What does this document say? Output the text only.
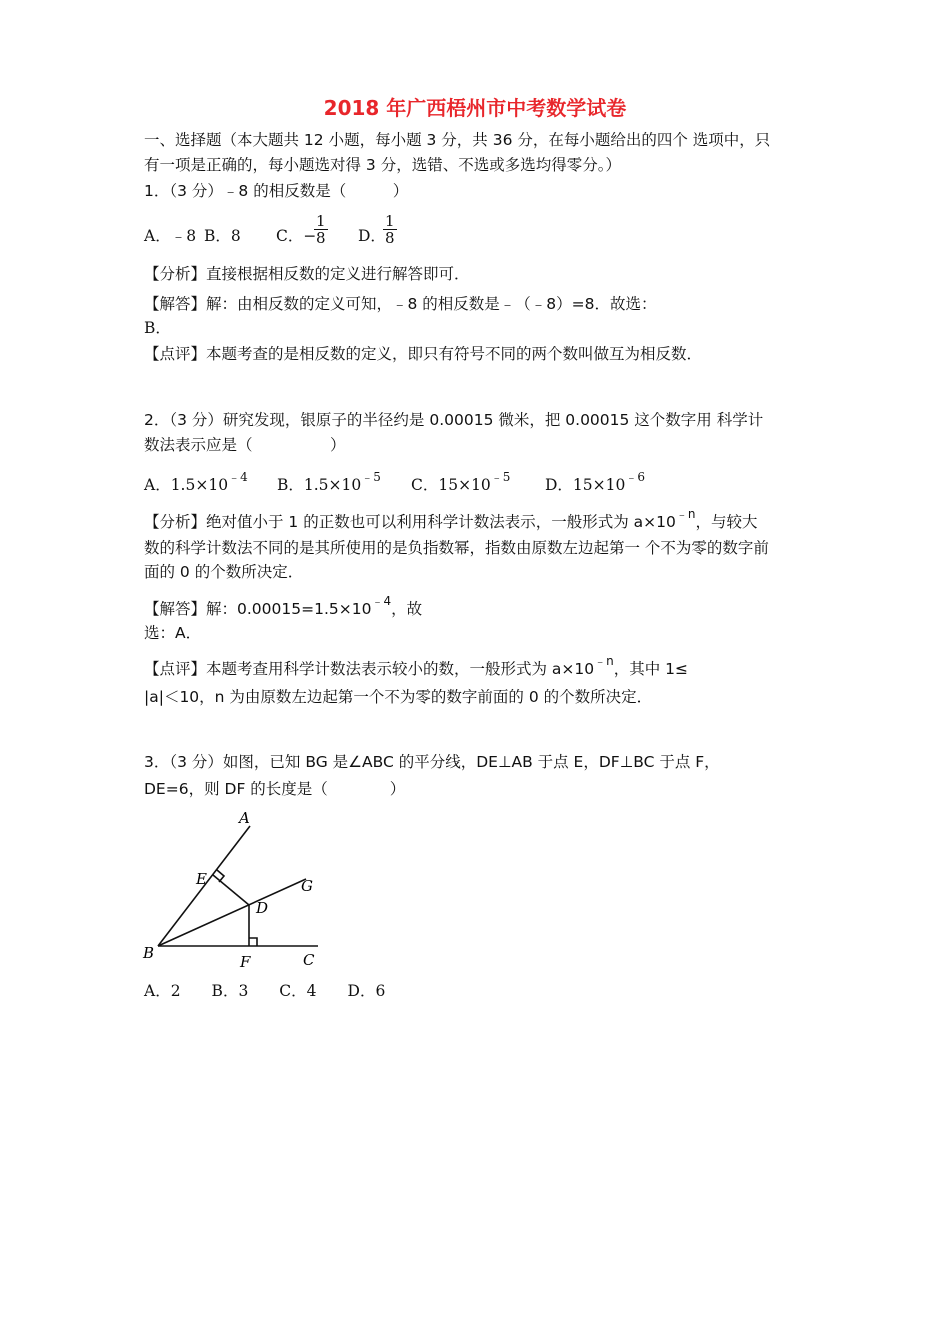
2018 年广西梧州市中考数学试卷
一、选择题（本大题共 12 小题，每小题 3 分，共 36 分，在每小题给出的四个 选项中，只
有一项是正确的，每小题选对得 3 分，选错、不选或多选均得零分。）
1．（3 分）﹣8 的相反数是（　　　）
A．﹣8 B．8 C．−
$\frac{1}{8}$ D．
$\frac{1}{8}$
【分析】直接根据相反数的定义进行解答即可．
【解答】解：由相反数的定义可知，﹣8 的相反数是﹣（﹣8）=8．故选：
B．
【点评】本题考查的是相反数的定义，即只有符号不同的两个数叫做互为相反数．
2．（3 分）研究发现，银原子的半径约是 0.00015 微米，把 0.00015 这个数字用 科学计
数法表示应是（　　　　　）
A．$1.5\times 10^{﹣4}$ B．$1.5\times 10^{﹣5}$ C．$15\times 10^{﹣5}$ D．$15\times 10^{﹣6}$
【分析】绝对值小于 1 的正数也可以利用科学计数法表示，一般形式为 $a\times 10^{﹣n}$，与较大
数的科学计数法不同的是其所使用的是负指数幂，指数由原数左边起第一 个不为零的数字前
面的 0 的个数所决定．
【解答】解：$0.00015=1.5\times 10^{﹣4}$，故
选：A．
【点评】本题考查用科学计数法表示较小的数，一般形式为 $a\times 10^{﹣n}$，其中 1≤
|a|＜10，n 为由原数左边起第一个不为零的数字前面的 0 的个数所决定．
3．（3 分）如图，已知 BG 是∠ABC 的平分线，DE⊥AB 于点 E，DF⊥BC 于点 F，
DE=6，则 DF 的长度是（　　　　）
A
E	G
D
B	F	C
A．2　　B．3　　C．4　　D．6
